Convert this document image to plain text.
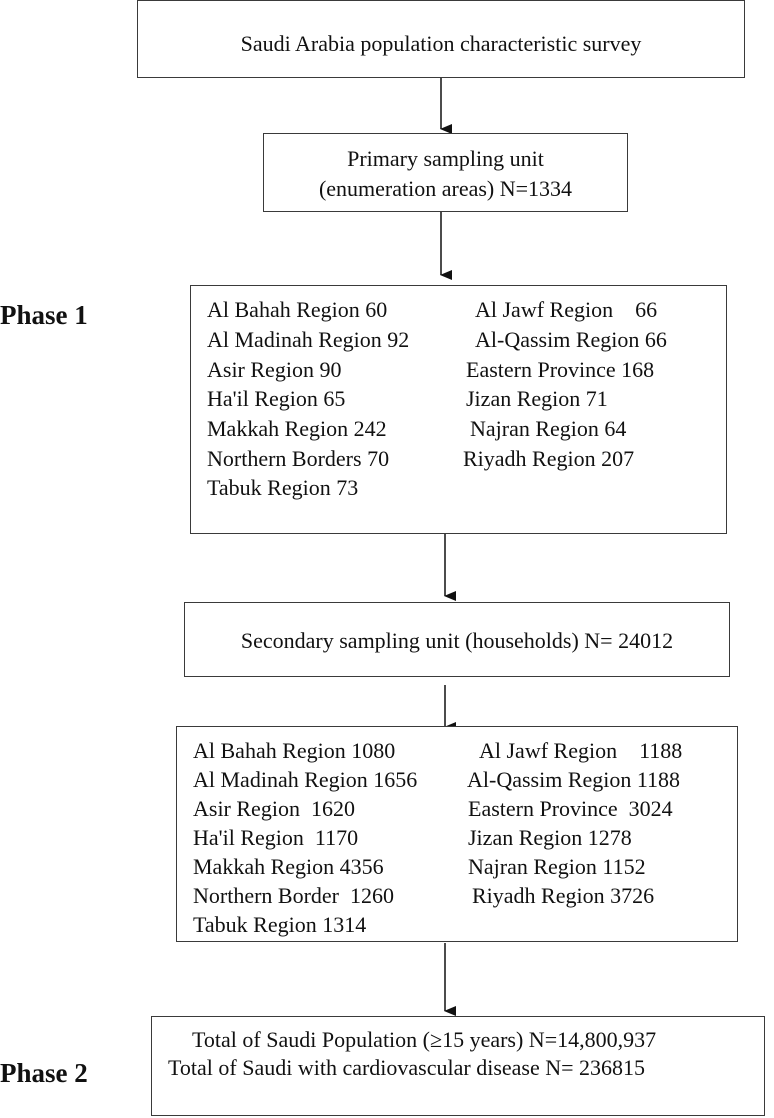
Saudi Arabia population characteristic survey
Primary sampling unit
(enumeration areas) N=1334
Phase 1
Phase 2
Al Bahah Region 60
Al Madinah Region 92
Asir Region 90
Ha'il Region 65
Makkah Region 242
Northern Borders 70
Tabuk Region 73
Al Jawf Region    66
Al-Qassim Region 66
Eastern Province 168
Jizan Region 71
Najran Region 64
Riyadh Region 207
Secondary sampling unit (households) N= 24012
Al Bahah Region 1080
Al Madinah Region 1656
Asir Region  1620
Ha'il Region  1170
Makkah Region 4356
Northern Border  1260
Tabuk Region 1314
Al Jawf Region    1188
Al-Qassim Region 1188
Eastern Province  3024
Jizan Region 1278
Najran Region 1152
Riyadh Region 3726
Total of Saudi Population (≥15 years) N=14,800,937
Total of Saudi with cardiovascular disease N= 236815
